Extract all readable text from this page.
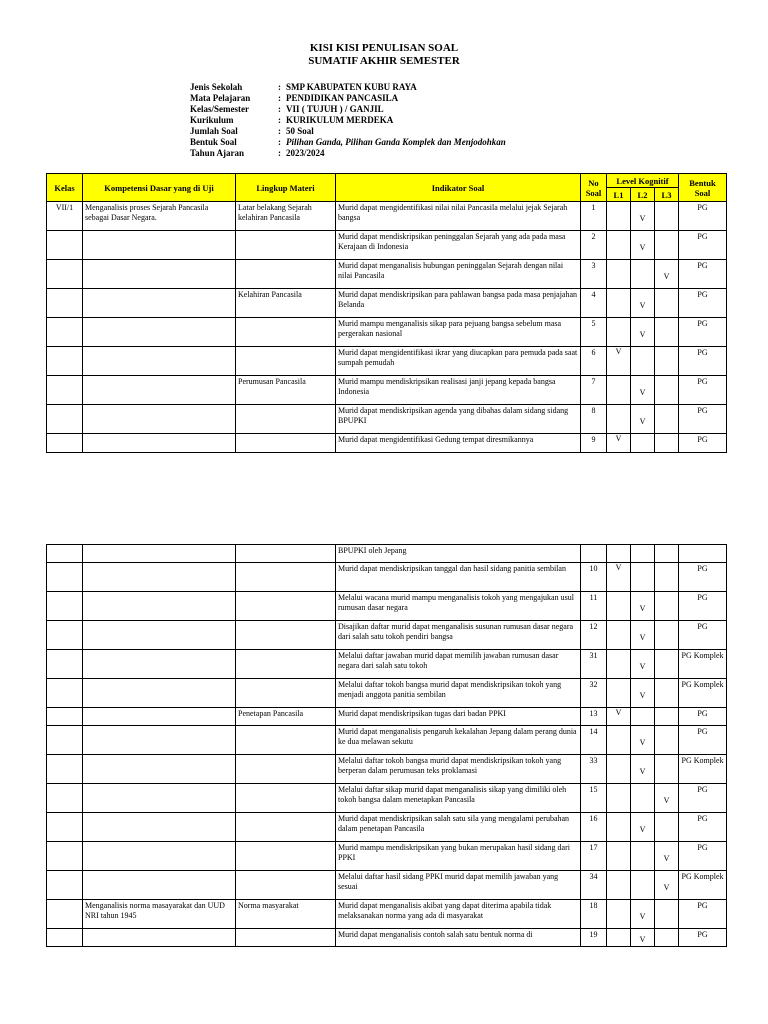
KISI KISI PENULISAN SOAL
SUMATIF AKHIR SEMESTER
Jenis Sekolah	:	SMP KABUPATEN KUBU RAYA
Mata Pelajaran	:	PENDIDIKAN PANCASILA
Kelas/Semester	:	VII ( TUJUH ) / GANJIL
Kurikulum	:	KURIKULUM MERDEKA
Jumlah Soal	:	50 Soal
Bentuk Soal	:	Pilihan Ganda, Pilihan Ganda Komplek dan Menjodohkan
Tahun Ajaran	:	2023/2024
Kelas	Kompetensi Dasar yang di Uji	Lingkup Materi	Indikator Soal	No Soal	Level Kognitif			Bentuk Soal
					L1	L2	L3	
VII/1	Menganalisis proses Sejarah Pancasila sebagai Dasar Negara.	Latar belakang Sejarah kelahiran Pancasila	Murid dapat mengidentifikasi nilai nilai Pancasila melalui jejak Sejarah bangsa	1		V		PG
			Murid dapat mendiskripsikan peninggalan Sejarah yang ada pada masa Kerajaan di Indonesia	2		V		PG
			Murid dapat menganalisis hubungan peninggalan Sejarah dengan nilai nilai Pancasila	3			V	PG
		Kelahiran Pancasila	Murid dapat mendiskripsikan para pahlawan bangsa pada masa penjajahan Belanda	4		V		PG
			Murid mampu menganalisis sikap para pejuang bangsa sebelum masa pergerakan nasional	5		V		PG
			Murid dapat mengidentifikasi ikrar yang diucapkan para pemuda pada saat sumpah pemudah	6	V			PG
		Perumusan Pancasila	Murid mampu mendiskripsikan realisasi janji jepang kepada bangsa Indonesia	7		V		PG
			Murid dapat mendiskripsikan agenda yang dibahas dalam sidang sidang BPUPKI	8		V		PG
			Murid dapat mengidentifikasi Gedung tempat diresmikannya	9	V			PG
			BPUPKI oleh Jepang					
			Murid dapat mendiskripsikan tanggal dan hasil sidang panitia sembilan	10	V			PG
			Melalui wacana murid mampu menganalisis tokoh yang mengajukan usul rumusan dasar negara	11		V		PG
			Disajikan daftar murid dapat menganalisis susunan rumusan dasar negara dari salah satu tokoh pendiri bangsa	12		V		PG
			Melalui daftar jawaban murid dapat memilih jawaban rumusan dasar negara dari salah satu tokoh	31		V		PG Komplek
			Melalui daftar tokoh bangsa murid dapat mendiskripsikan tokoh yang menjadi anggota panitia sembilan	32		V		PG Komplek
		Penetapan Pancasila	Murid dapat mendiskripsikan tugas dari badan PPKI	13	V			PG
			Murid dapat menganalisis pengaruh kekalahan Jepang dalam perang dunia ke dua melawan sekutu	14		V		PG
			Melalui daftar tokoh bangsa murid dapat mendiskripsikan tokoh yang berperan dalam perumusan teks proklamasi	33		V		PG Komplek
			Melalui daftar sikap murid dapat menganalisis sikap yang dimiliki oleh tokoh bangsa dalam menetapkan Pancasila	15			V	PG
			Murid dapat mendiskripsikan salah satu sila yang mengalami perubahan dalam penetapan Pancasila	16		V		PG
			Murid mampu mendiskripsikan yang bukan merupakan hasil sidang dari PPKI	17			V	PG
			Melalui daftar hasil sidang PPKI murid dapat memilih jawaban yang sesuai	34			V	PG Komplek
	Menganalisis norma masayarakat dan UUD NRI tahun 1945	Norma masyarakat	Murid dapat menganalisis akibat yang dapat diterima apabila tidak melaksanakan norma yang ada di masyarakat	18		V		PG
			Murid dapat menganalisis contoh salah satu bentuk norma di	19		V		PG
